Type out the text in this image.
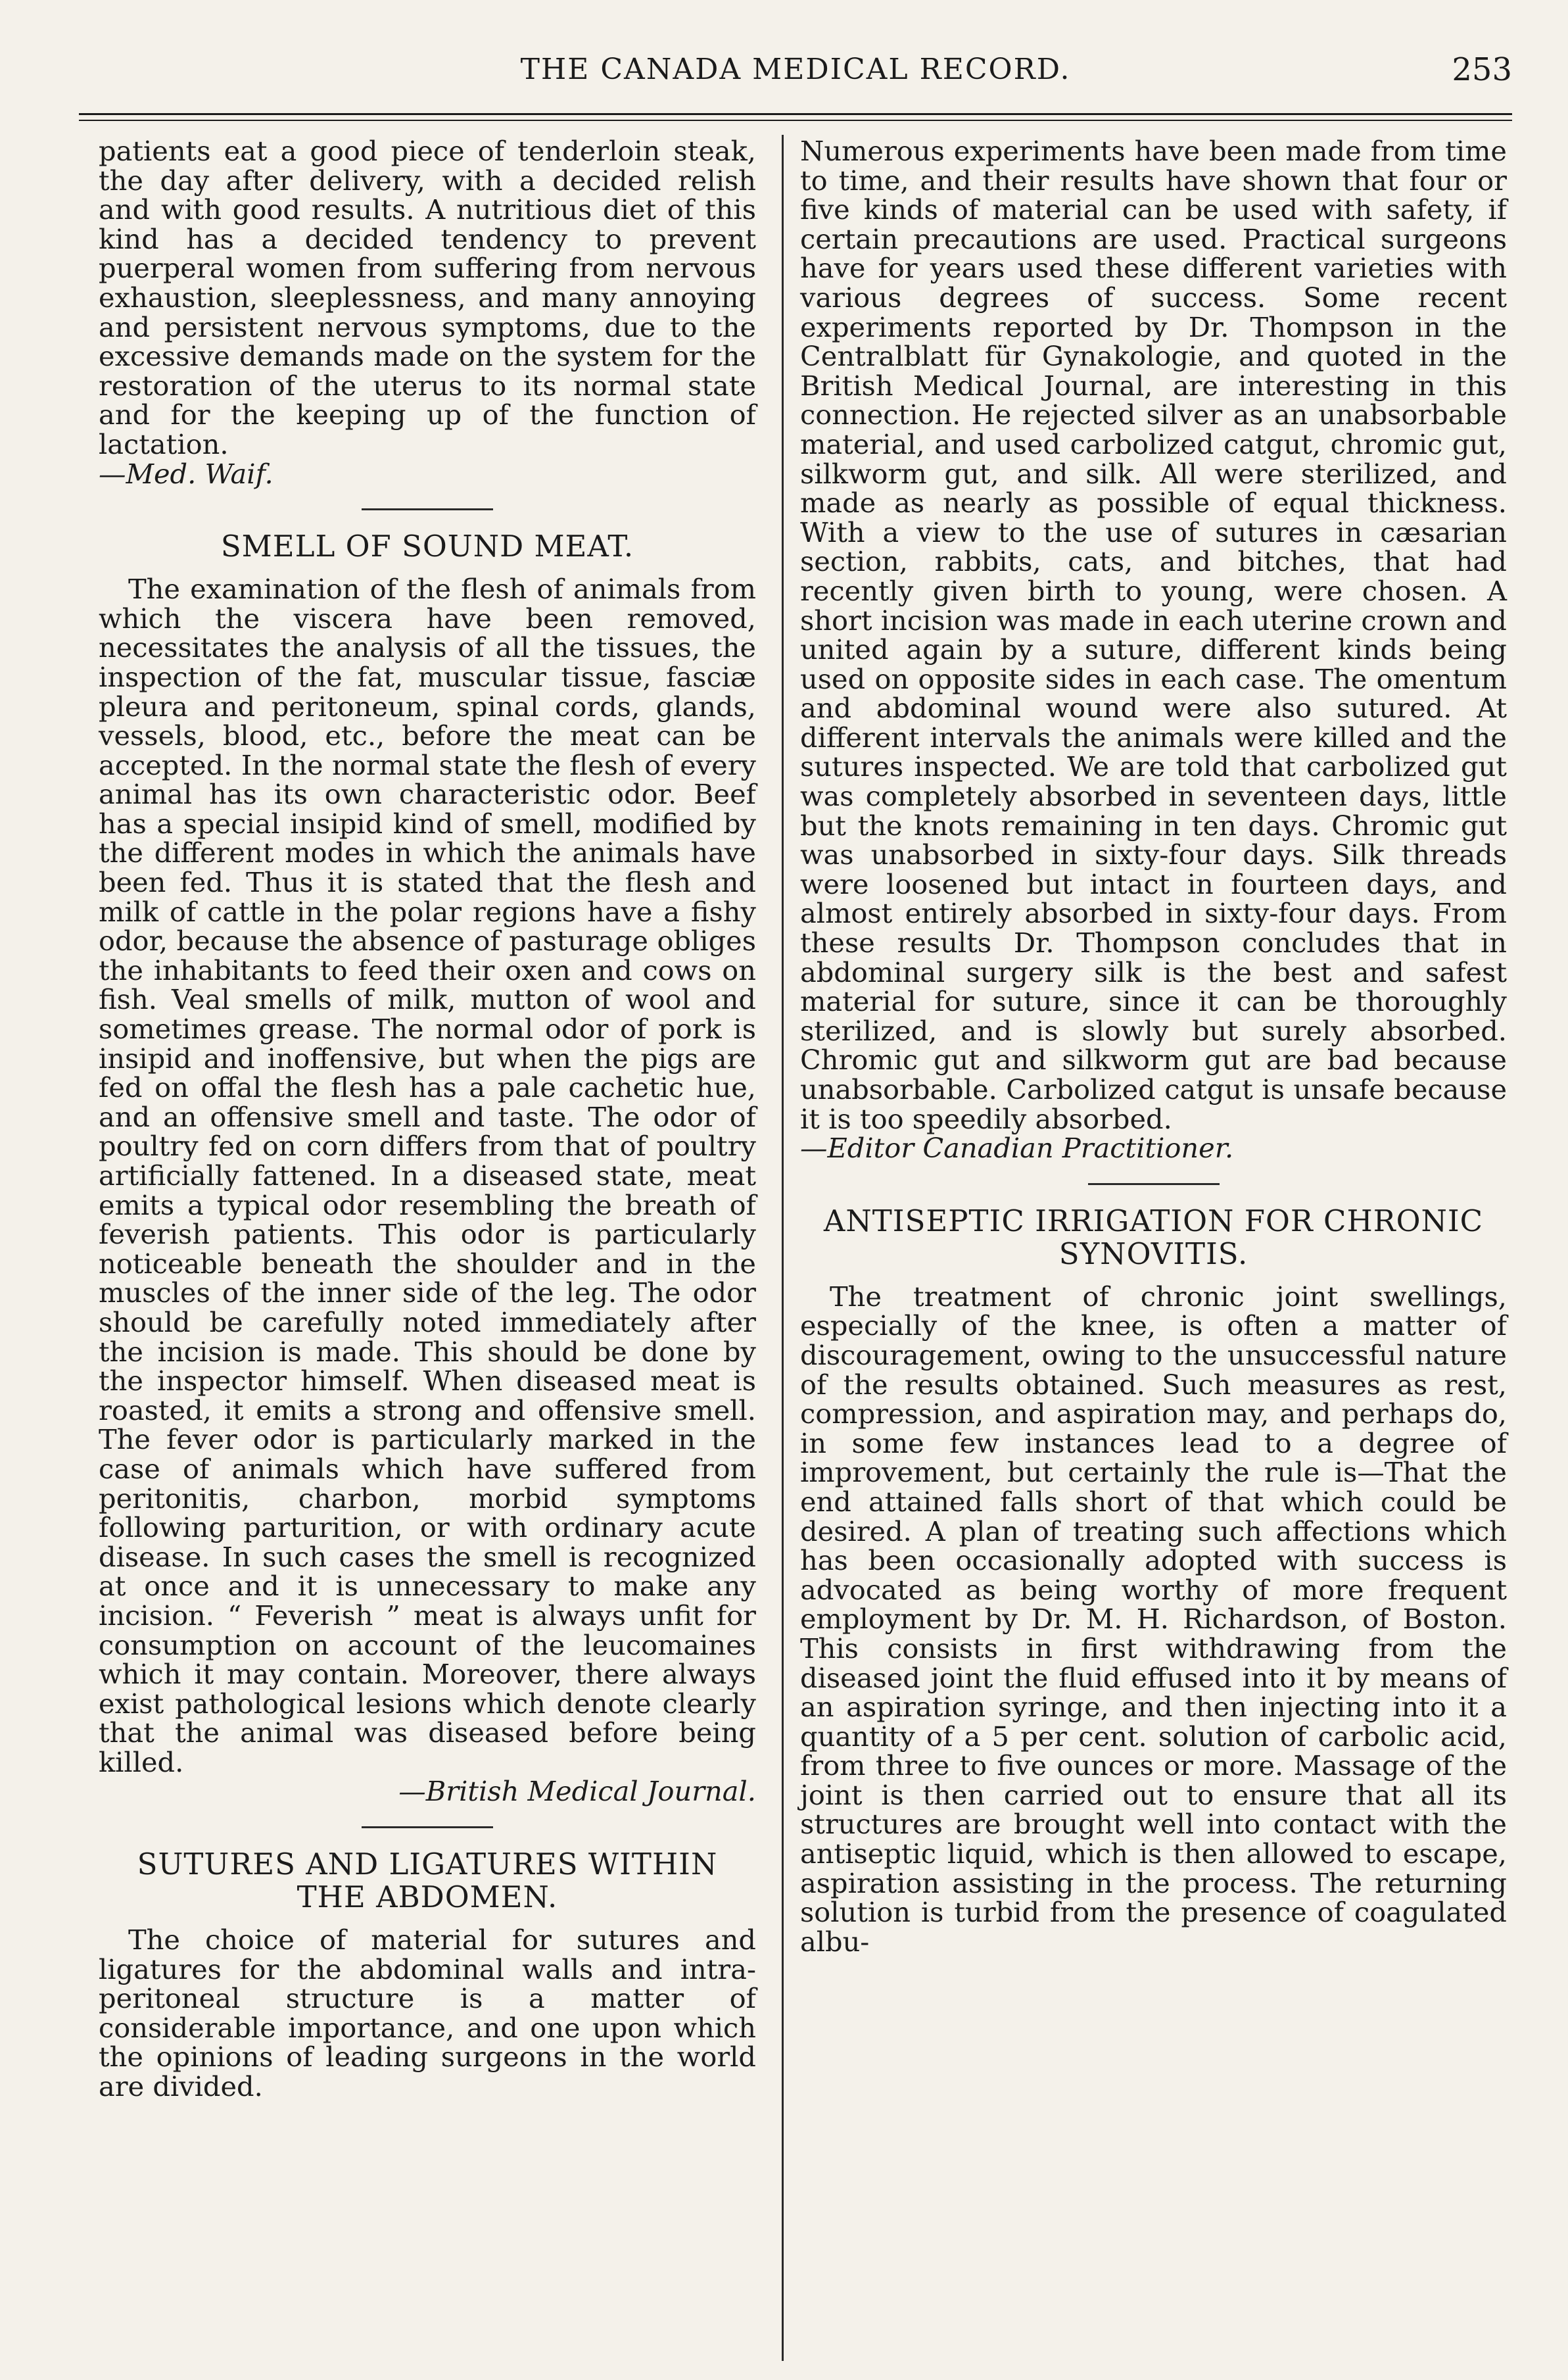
THE CANADA MEDICAL RECORD.	253

patients eat a good piece of tenderloin steak, the day after delivery, with a decided relish and with good results. A nutritious diet of this kind has a decided tendency to prevent puerperal women from suffering from nervous exhaustion, sleeplessness, and many annoying and persistent nervous symptoms, due to the excessive demands made on the system for the restoration of the uterus to its normal state and for the keeping up of the function of lactation.

—Med. Waif.

SMELL OF SOUND MEAT.

The examination of the flesh of animals from which the viscera have been removed, necessitates the analysis of all the tissues, the inspection of the fat, muscular tissue, fasciæ pleura and peritoneum, spinal cords, glands, vessels, blood, etc., before the meat can be accepted. In the normal state the flesh of every animal has its own characteristic odor. Beef has a special insipid kind of smell, modified by the different modes in which the animals have been fed. Thus it is stated that the flesh and milk of cattle in the polar regions have a fishy odor, because the absence of pasturage obliges the inhabitants to feed their oxen and cows on fish. Veal smells of milk, mutton of wool and sometimes grease. The normal odor of pork is insipid and inoffensive, but when the pigs are fed on offal the flesh has a pale cachetic hue, and an offensive smell and taste. The odor of poultry fed on corn differs from that of poultry artificially fattened. In a diseased state, meat emits a typical odor resembling the breath of feverish patients. This odor is particularly noticeable beneath the shoulder and in the muscles of the inner side of the leg. The odor should be carefully noted immediately after the incision is made. This should be done by the inspector himself. When diseased meat is roasted, it emits a strong and offensive smell. The fever odor is particularly marked in the case of animals which have suffered from peritonitis, charbon, morbid symptoms following parturition, or with ordinary acute disease. In such cases the smell is recognized at once and it is unnecessary to make any incision. “ Feverish ” meat is always unfit for consumption on account of the leucomaines which it may contain. Moreover, there always exist pathological lesions which denote clearly that the animal was diseased before being killed.

—British Medical Journal.

SUTURES AND LIGATURES WITHIN THE ABDOMEN.

The choice of material for sutures and ligatures for the abdominal walls and intra-peritoneal structure is a matter of considerable importance, and one upon which the opinions of leading surgeons in the world are divided.

Numerous experiments have been made from time to time, and their results have shown that four or five kinds of material can be used with safety, if certain precautions are used. Practical surgeons have for years used these different varieties with various degrees of success. Some recent experiments reported by Dr. Thompson in the Centralblatt für Gynakologie, and quoted in the British Medical Journal, are interesting in this connection. He rejected silver as an unabsorbable material, and used carbolized catgut, chromic gut, silkworm gut, and silk. All were sterilized, and made as nearly as possible of equal thickness. With a view to the use of sutures in cæsarian section, rabbits, cats, and bitches, that had recently given birth to young, were chosen. A short incision was made in each uterine crown and united again by a suture, different kinds being used on opposite sides in each case. The omentum and abdominal wound were also sutured. At different intervals the animals were killed and the sutures inspected. We are told that carbolized gut was completely absorbed in seventeen days, little but the knots remaining in ten days. Chromic gut was unabsorbed in sixty-four days. Silk threads were loosened but intact in fourteen days, and almost entirely absorbed in sixty-four days. From these results Dr. Thompson concludes that in abdominal surgery silk is the best and safest material for suture, since it can be thoroughly sterilized, and is slowly but surely absorbed. Chromic gut and silkworm gut are bad because unabsorbable. Carbolized catgut is unsafe because it is too speedily absorbed.

—Editor Canadian Practitioner.

ANTISEPTIC IRRIGATION FOR CHRONIC SYNOVITIS.

The treatment of chronic joint swellings, especially of the knee, is often a matter of discouragement, owing to the unsuccessful nature of the results obtained. Such measures as rest, compression, and aspiration may, and perhaps do, in some few instances lead to a degree of improvement, but certainly the rule is—That the end attained falls short of that which could be desired. A plan of treating such affections which has been occasionally adopted with success is advocated as being worthy of more frequent employment by Dr. M. H. Richardson, of Boston. This consists in first withdrawing from the diseased joint the fluid effused into it by means of an aspiration syringe, and then injecting into it a quantity of a 5 per cent. solution of carbolic acid, from three to five ounces or more. Massage of the joint is then carried out to ensure that all its structures are brought well into contact with the antiseptic liquid, which is then allowed to escape, aspiration assisting in the process. The returning solution is turbid from the presence of coagulated albu-
